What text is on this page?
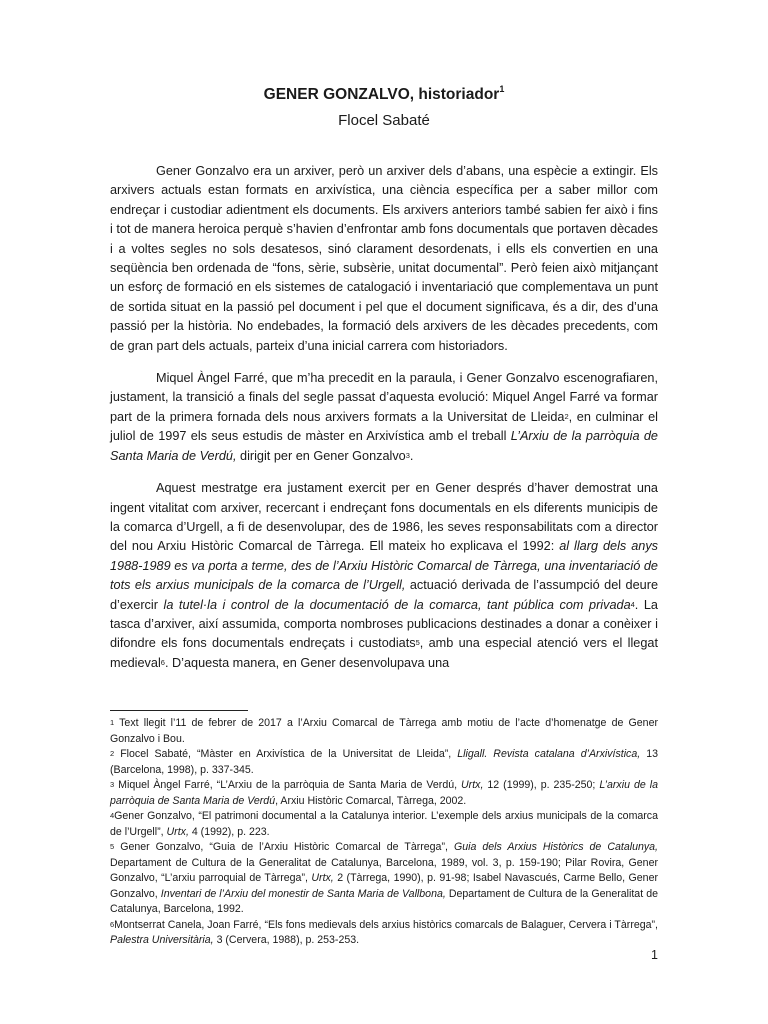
GENER GONZALVO, historiador$^1$
Flocel Sabaté

Gener Gonzalvo era un arxiver, però un arxiver dels d’abans, una espècie a extingir. Els arxivers actuals estan formats en arxivística, una ciència específica per a saber millor com endreçar i custodiar adientment els documents. Els arxivers anteriors també sabien fer això i fins i tot de manera heroica perquè s’havien d’enfrontar amb fons documentals que portaven dècades i a voltes segles no sols desatesos, sinó clarament desordenats, i ells els convertien en una seqüència ben ordenada de “fons, sèrie, subsèrie, unitat documental”. Però feien això mitjançant un esforç de formació en els sistemes de catalogació i inventariació que complementava un punt de sortida situat en la passió pel document i pel que el document significava, és a dir, des d’una passió per la història. No endebades, la formació dels arxivers de les dècades precedents, com de gran part dels actuals, parteix d’una inicial carrera com historiadors.

Miquel Àngel Farré, que m’ha precedit en la paraula, i Gener Gonzalvo escenografiaren, justament, la transició a finals del segle passat d’aquesta evolució: Miquel Angel Farré va formar part de la primera fornada dels nous arxivers formats a la Universitat de Lleida$^2$, en culminar el juliol de 1997 els seus estudis de màster en Arxivística amb el treball L’Arxiu de la parròquia de Santa Maria de Verdú, dirigit per en Gener Gonzalvo$^3$.

Aquest mestratge era justament exercit per en Gener després d’haver demostrat una ingent vitalitat com arxiver, recercant i endreçant fons documentals en els diferents municipis de la comarca d’Urgell, a fi de desenvolupar, des de 1986, les seves responsabilitats com a director del nou Arxiu Històric Comarcal de Tàrrega. Ell mateix ho explicava el 1992: al llarg dels anys 1988-1989 es va porta a terme, des de l’Arxiu Històric Comarcal de Tàrrega, una inventariació de tots els arxius municipals de la comarca de l’Urgell, actuació derivada de l’assumpció del deure d’exercir la tutel·la i control de la documentació de la comarca, tant pública com privada$^4$. La tasca d’arxiver, així assumida, comporta nombroses publicacions destinades a donar a conèixer i difondre els fons documentals endreçats i custodiats$^5$, amb una especial atenció vers el llegat medieval$^6$. D’aquesta manera, en Gener desenvolupava una

$^1$ Text llegit l’11 de febrer de 2017 a l’Arxiu Comarcal de Tàrrega amb motiu de l’acte d’homenatge de Gener Gonzalvo i Bou.

$^2$ Flocel Sabaté, “Màster en Arxivística de la Universitat de Lleida”, Lligall. Revista catalana d’Arxivística, 13 (Barcelona, 1998), p. 337-345.

$^3$ Miquel Àngel Farré, “L’Arxiu de la parròquia de Santa Maria de Verdú, Urtx, 12 (1999), p. 235-250; L’arxiu de la parròquia de Santa Maria de Verdú, Arxiu Històric Comarcal, Tàrrega, 2002.

$^4$Gener Gonzalvo, “El patrimoni documental a la Catalunya interior. L’exemple dels arxius municipals de la comarca de l’Urgell”, Urtx, 4 (1992), p. 223.

$^5$ Gener Gonzalvo, “Guia de l’Arxiu Històric Comarcal de Tàrrega”, Guia dels Arxius Històrics de Catalunya, Departament de Cultura de la Generalitat de Catalunya, Barcelona, 1989, vol. 3, p. 159-190; Pilar Rovira, Gener Gonzalvo, “L’arxiu parroquial de Tàrrega”, Urtx, 2 (Tàrrega, 1990), p. 91-98; Isabel Navascués, Carme Bello, Gener Gonzalvo, Inventari de l’Arxiu del monestir de Santa Maria de Vallbona, Departament de Cultura de la Generalitat de Catalunya, Barcelona, 1992.

$^6$Montserrat Canela, Joan Farré, “Els fons medievals dels arxius històrics comarcals de Balaguer, Cervera i Tàrrega”, Palestra Universitària, 3 (Cervera, 1988), p. 253-253.

1
